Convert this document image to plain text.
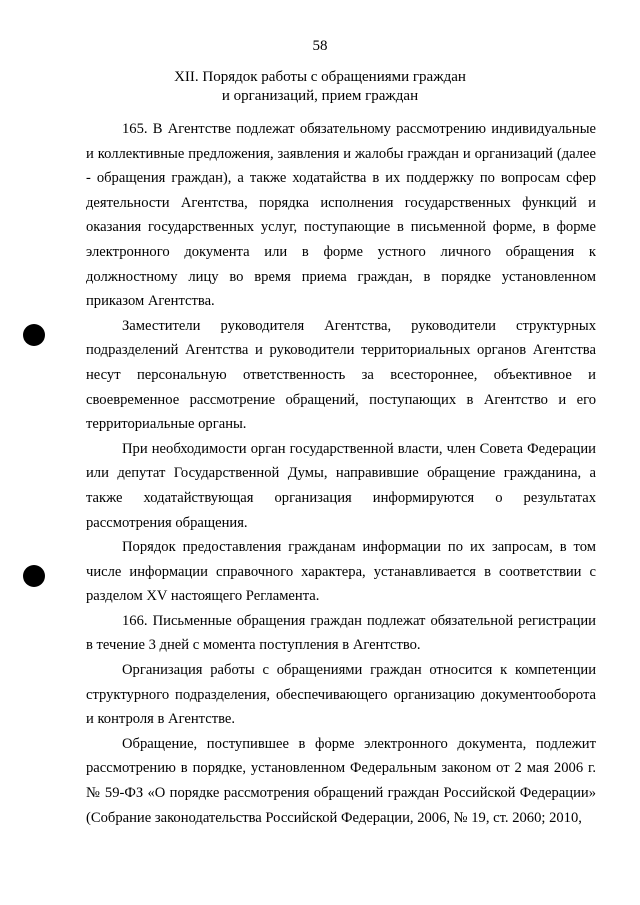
58
XII. Порядок работы с обращениями граждан
и организаций, прием граждан

165. В Агентстве подлежат обязательному рассмотрению индивидуальные и коллективные предложения, заявления и жалобы граждан и организаций (далее - обращения граждан), а также ходатайства в их поддержку по вопросам сфер деятельности Агентства, порядка исполнения государственных функций и оказания государственных услуг, поступающие в письменной форме, в форме электронного документа или в форме устного личного обращения к должностному лицу во время приема граждан, в порядке установленном приказом Агентства.

Заместители руководителя Агентства, руководители структурных подразделений Агентства и руководители территориальных органов Агентства несут персональную ответственность за всестороннее, объективное и своевременное рассмотрение обращений, поступающих в Агентство и его территориальные органы.

При необходимости орган государственной власти, член Совета Федерации или депутат Государственной Думы, направившие обращение гражданина, а также ходатайствующая организация информируются о результатах рассмотрения обращения.

Порядок предоставления гражданам информации по их запросам, в том числе информации справочного характера, устанавливается в соответствии с разделом XV настоящего Регламента.

166. Письменные обращения граждан подлежат обязательной регистрации в течение 3 дней с момента поступления в Агентство.

Организация работы с обращениями граждан относится к компетенции структурного подразделения, обеспечивающего организацию документооборота и контроля в Агентстве.

Обращение, поступившее в форме электронного документа, подлежит рассмотрению в порядке, установленном Федеральным законом от 2 мая 2006 г. № 59-ФЗ «О порядке рассмотрения обращений граждан Российской Федерации» (Собрание законодательства Российской Федерации, 2006, № 19, ст. 2060; 2010,
